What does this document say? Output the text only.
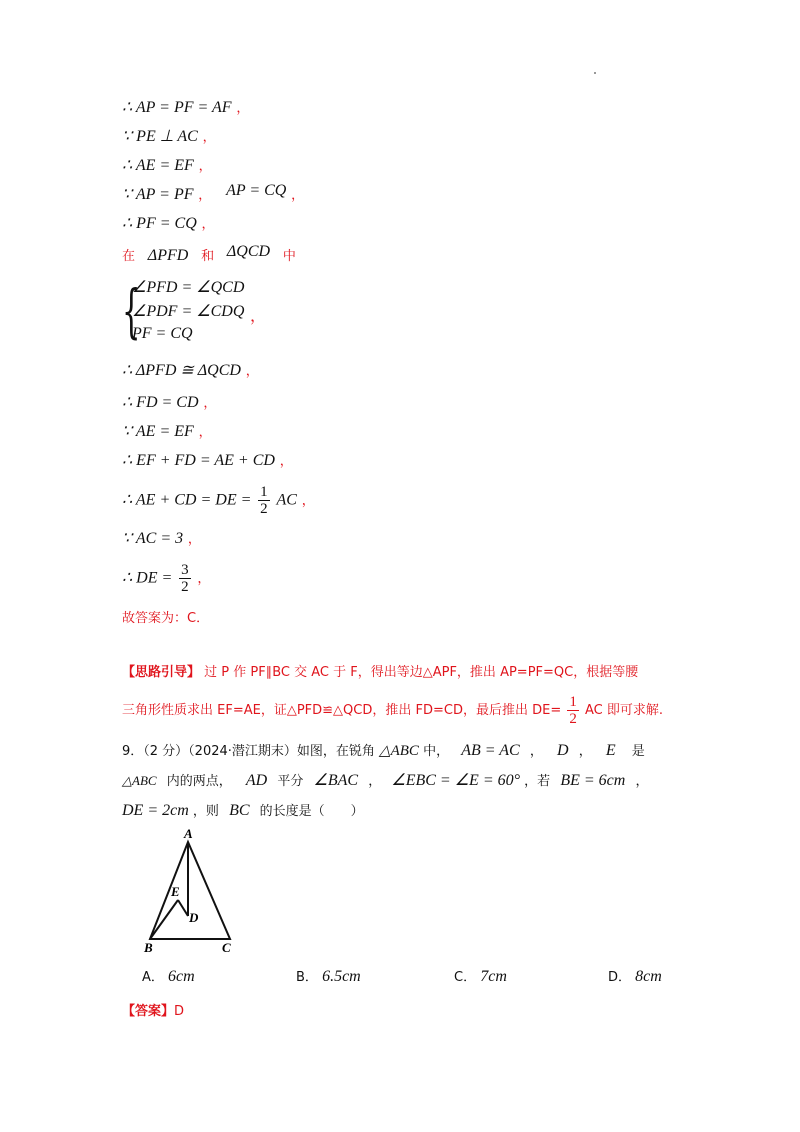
∴ AP = PF = AF ，
∵ PE ⊥ AC ，
∴ AE = EF ，
∵ AP = PF ， AP = CQ ，
∴ PF = CQ ，
在 ΔPFD 和 ΔQCD 中
{
∠PFD = ∠QCD
∠PDF = ∠CDQ
PF = CQ
，
∴ ΔPFD ≅ ΔQCD ，
∴ FD = CD ，
∵ AE = EF ，
∴ EF + FD = AE + CD ，
∴ AE + CD = DE = $\frac{1}{2}$ AC ，
∵ AC = 3 ，
∴ DE = $\frac{3}{2}$ ，
故答案为：C．
【思路引导】 过 P 作 PF∥BC 交 AC 于 F，得出等边△APF，推出 AP=PF=QC，根据等腰
三角形性质求出 EF=AE，证△PFD≌△QCD，推出 FD=CD，最后推出 $DE= \frac{1}{2}$ AC 即可求解.
9．（2 分）（2024·潜江期末）如图，在锐角 △ABC 中， AB = AC ， D ， E 是
△ABC 内的两点， AD 平分 ∠BAC ， ∠EBC = ∠E = 60° ，若 BE = 6cm ，
DE = 2cm ，则 BC 的长度是（　　）
A
B	C
E
D
A． 6cm	B． 6.5cm	C． 7cm	D． 8cm
【答案】D
